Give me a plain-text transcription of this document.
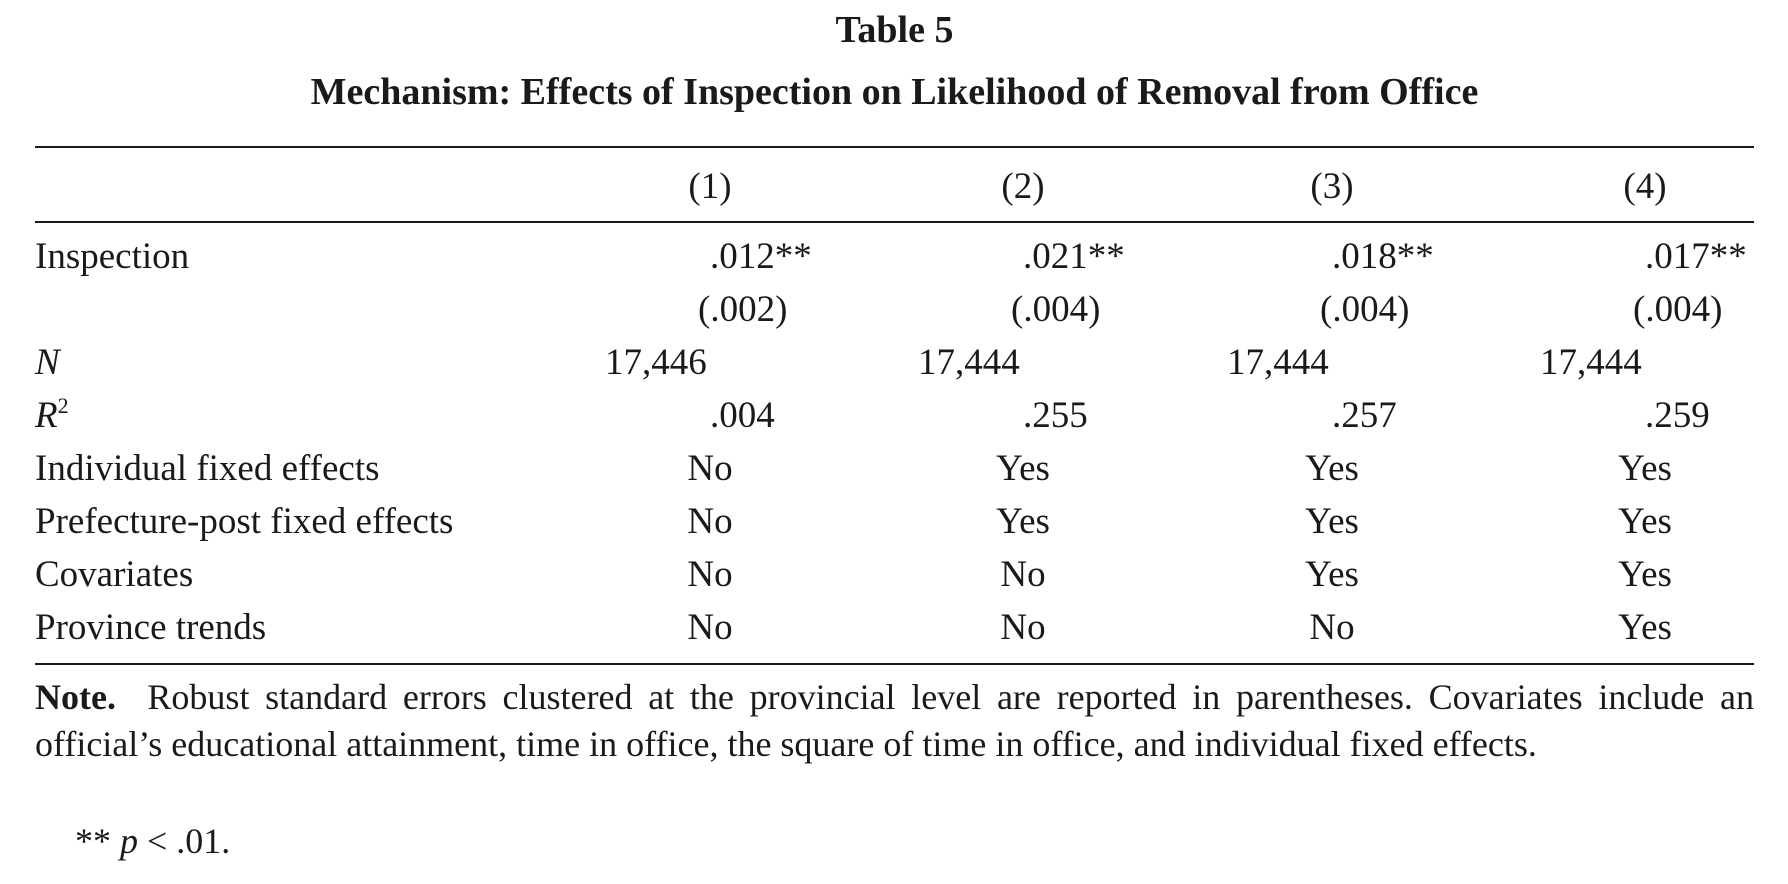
Table 5
Mechanism: Effects of Inspection on Likelihood of Removal from Office
(1)	(2)	(3)	(4)
Inspection	.012**	.021**	.018**	.017**
(.002)	(.004)	(.004)	(.004)
N	17,446	17,444	17,444	17,444
$R^2$	.004	.255	.257	.259
Individual fixed effects	No	Yes	Yes	Yes
Prefecture-post fixed effects	No	Yes	Yes	Yes
Covariates	No	No	Yes	Yes
Province trends	No	No	No	Yes
Note. Robust standard errors clustered at the provincial level are reported in parentheses. Covariates include an official’s educational attainment, time in office, the square of time in office, and individual fixed effects.
** p < .01.
